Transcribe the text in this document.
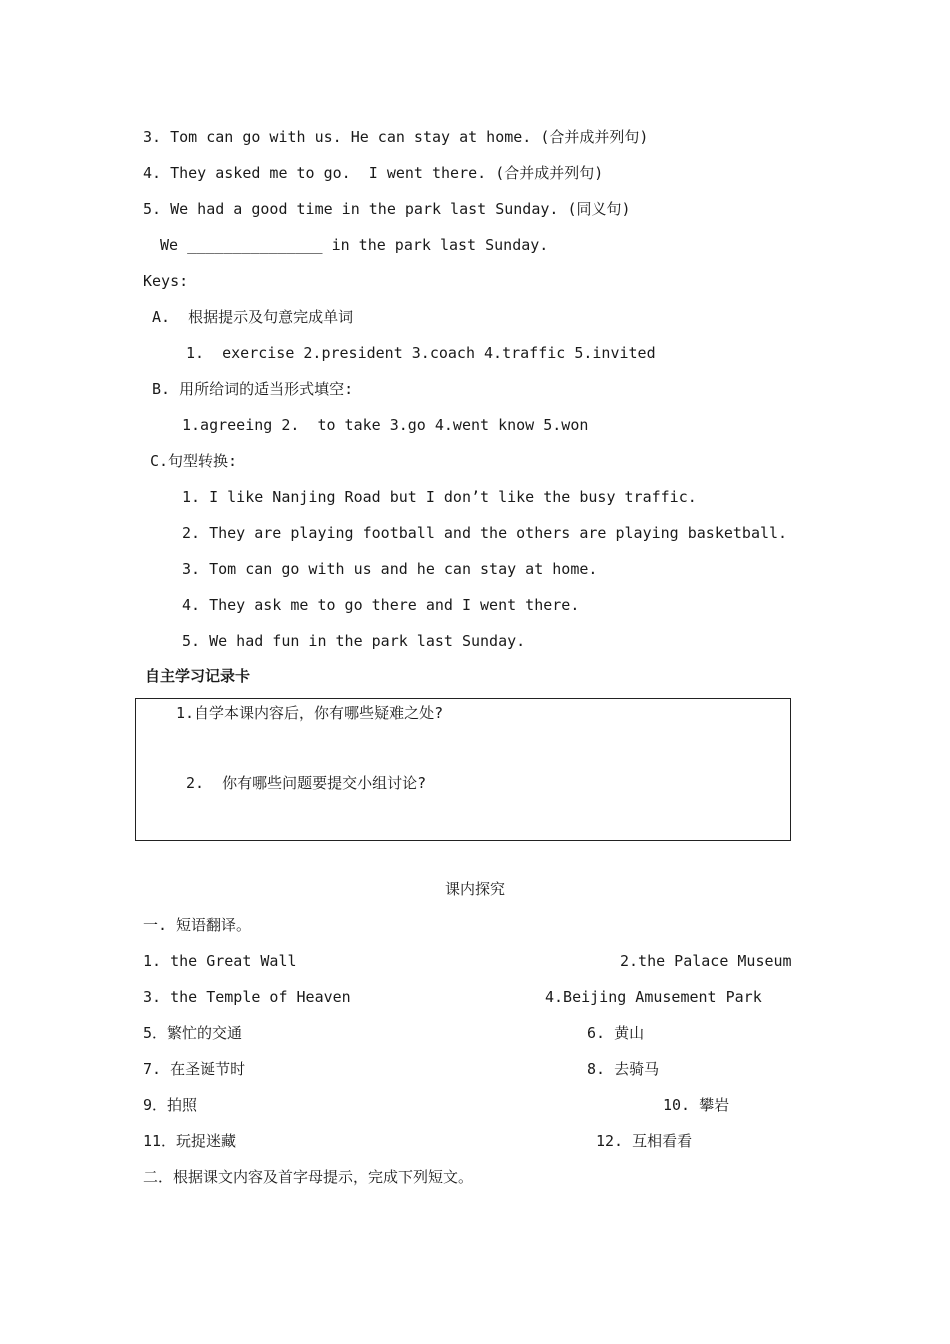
3. Tom can go with us. He can stay at home. (合并成并列句)
4. They asked me to go.  I went there. (合并成并列句)
5. We had a good time in the park last Sunday. (同义句)
We _______________ in the park last Sunday.
Keys:
A.  根据提示及句意完成单词
1.  exercise 2.president 3.coach 4.traffic 5.invited
B. 用所给词的适当形式填空:
1.agreeing 2.  to take 3.go 4.went know 5.won
C.句型转换:
1. I like Nanjing Road but I don’t like the busy traffic.
2. They are playing football and the others are playing basketball.
3. Tom can go with us and he can stay at home.
4. They ask me to go there and I went there.
5. We had fun in the park last Sunday.
自主学习记录卡
1.自学本课内容后，你有哪些疑难之处?
2.  你有哪些问题要提交小组讨论?
课内探究
一. 短语翻译。
1. the Great Wall	2.the Palace Museum
3. the Temple of Heaven	4.Beijing Amusement Park
5．繁忙的交通	6. 黄山
7. 在圣诞节时	8. 去骑马
9．拍照	10. 攀岩
11．玩捉迷藏	12. 互相看看
二．根据课文内容及首字母提示，完成下列短文。
